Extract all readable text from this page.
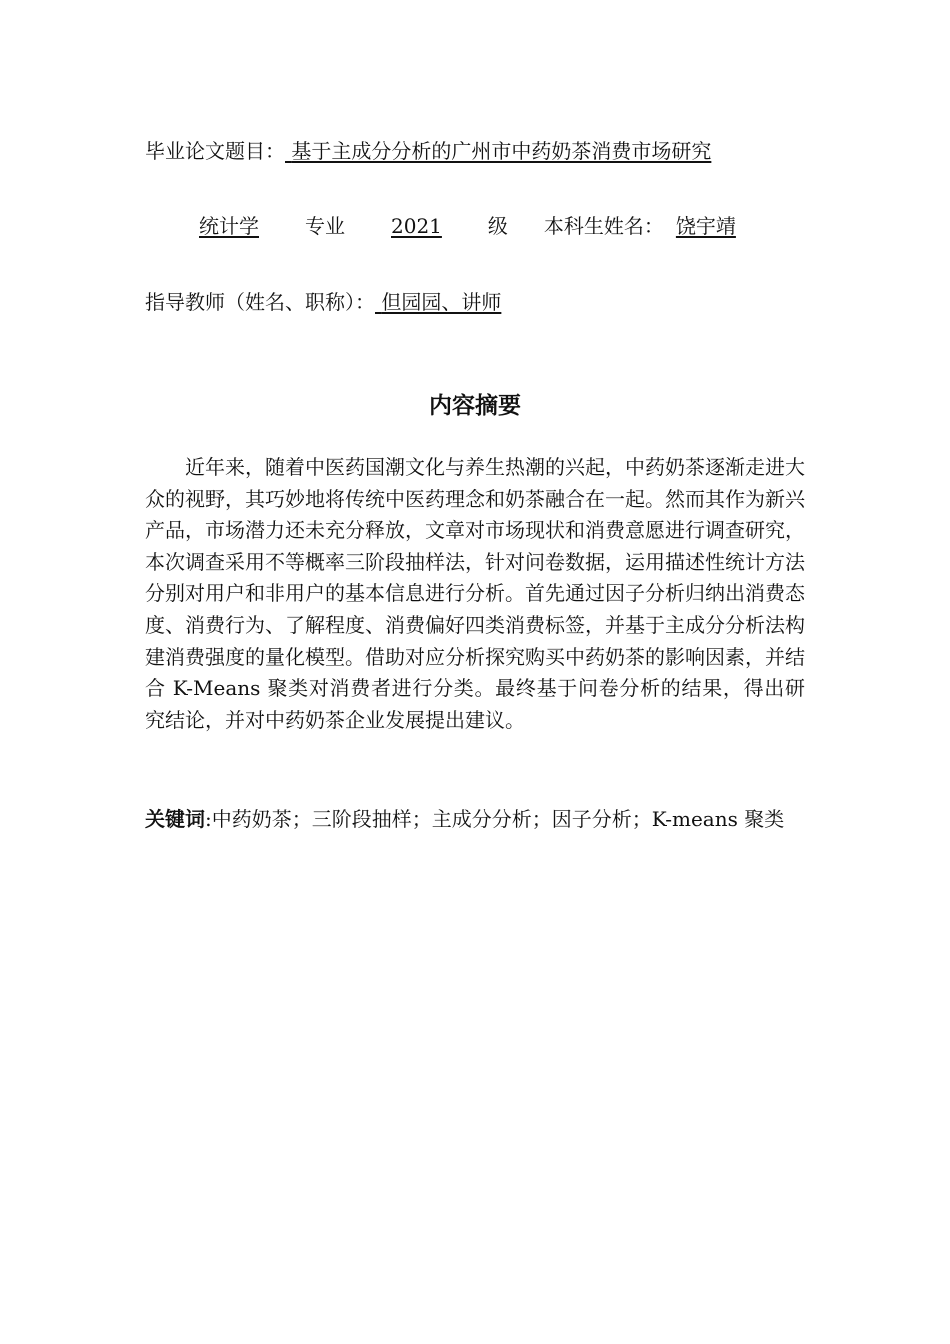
毕业论文题目： 基于主成分分析的广州市中药奶茶消费市场研究
统计学 专业 2021 级 本科生姓名： 饶宇靖
指导教师（姓名、职称）： 但园园、讲师
内容摘要
近年来，随着中医药国潮文化与养生热潮的兴起，中药奶茶逐渐走进大众的视野，其巧妙地将传统中医药理念和奶茶融合在一起。然而其作为新兴产品，市场潜力还未充分释放，文章对市场现状和消费意愿进行调查研究，本次调查采用不等概率三阶段抽样法，针对问卷数据，运用描述性统计方法分别对用户和非用户的基本信息进行分析。首先通过因子分析归纳出消费态度、消费行为、了解程度、消费偏好四类消费标签，并基于主成分分析法构建消费强度的量化模型。借助对应分析探究购买中药奶茶的影响因素，并结合 K-Means 聚类对消费者进行分类。最终基于问卷分析的结果，得出研究结论，并对中药奶茶企业发展提出建议。
关键词:中药奶茶；三阶段抽样；主成分分析；因子分析；K-means 聚类
